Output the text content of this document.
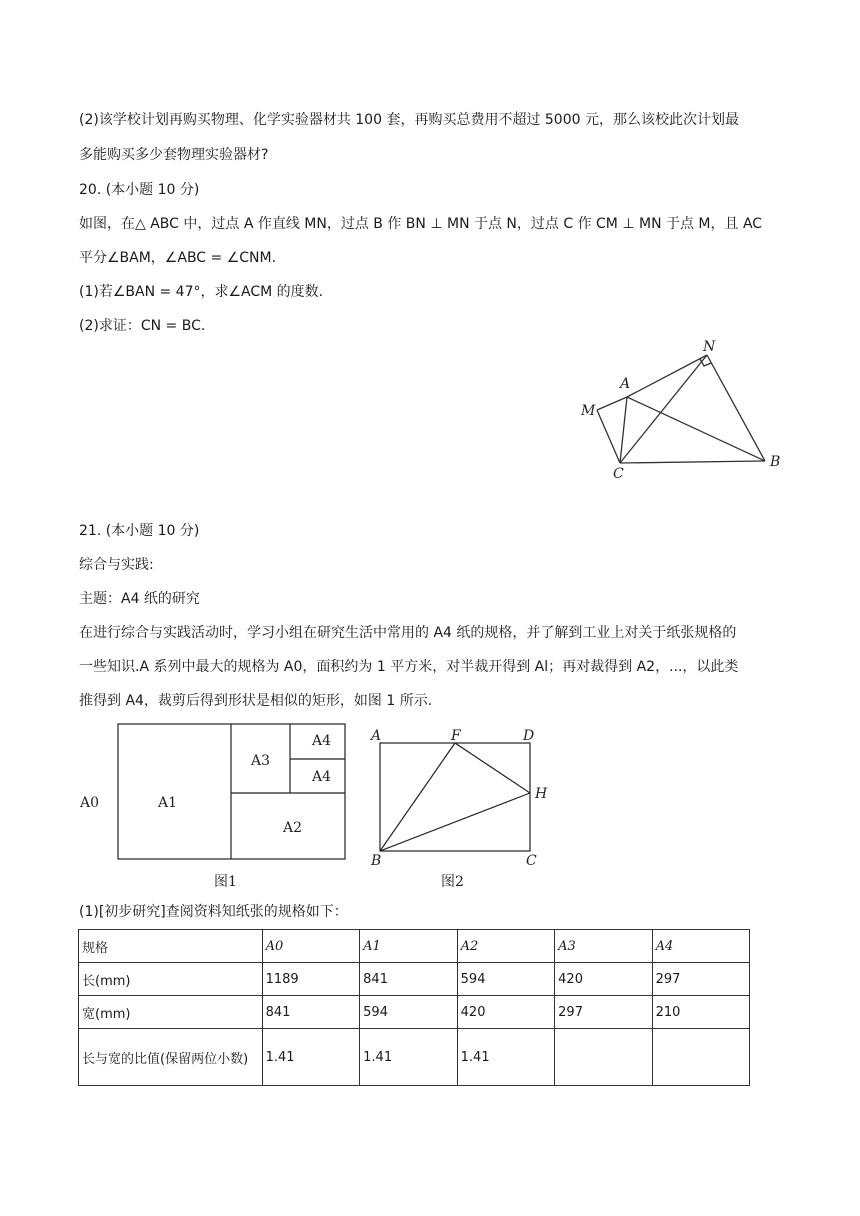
(2)该学校计划再购买物理、化学实验器材共 100 套，再购买总费用不超过 5000 元，那么该校此次计划最
多能购买多少套物理实验器材?
20. (本小题 10 分)
如图，在△ ABC 中，过点 A 作直线 MN，过点 B 作 BN ⊥ MN 于点 N，过点 C 作 CM ⊥ MN 于点 M，且 AC
平分∠BAM，∠ABC = ∠CNM.
(1)若∠BAN = 47°，求∠ACM 的度数.
(2)求证：CN = BC.
N
A
M
C
B
21. (本小题 10 分)
综合与实践:
主题：A4 纸的研究
在进行综合与实践活动时，学习小组在研究生活中常用的 A4 纸的规格，并了解到工业上对关于纸张规格的
一些知识.A 系列中最大的规格为 A0，面积约为 1 平方米，对半裁开得到 Al；再对裁得到 A2，...，以此类
推得到 A4，裁剪后得到形状是相似的矩形，如图 1 所示.
A0	A1
A3
A4
A4
A2
图1
A	F	D
H
B	C
图2
(1)[初步研究]查阅资料知纸张的规格如下：
规格	A0	A1	A2	A3	A4
长(mm)	1189	841	594	420	297
宽(mm)	841	594	420	297	210
长与宽的比值(保留两位小数)	1.41	1.41	1.41		
